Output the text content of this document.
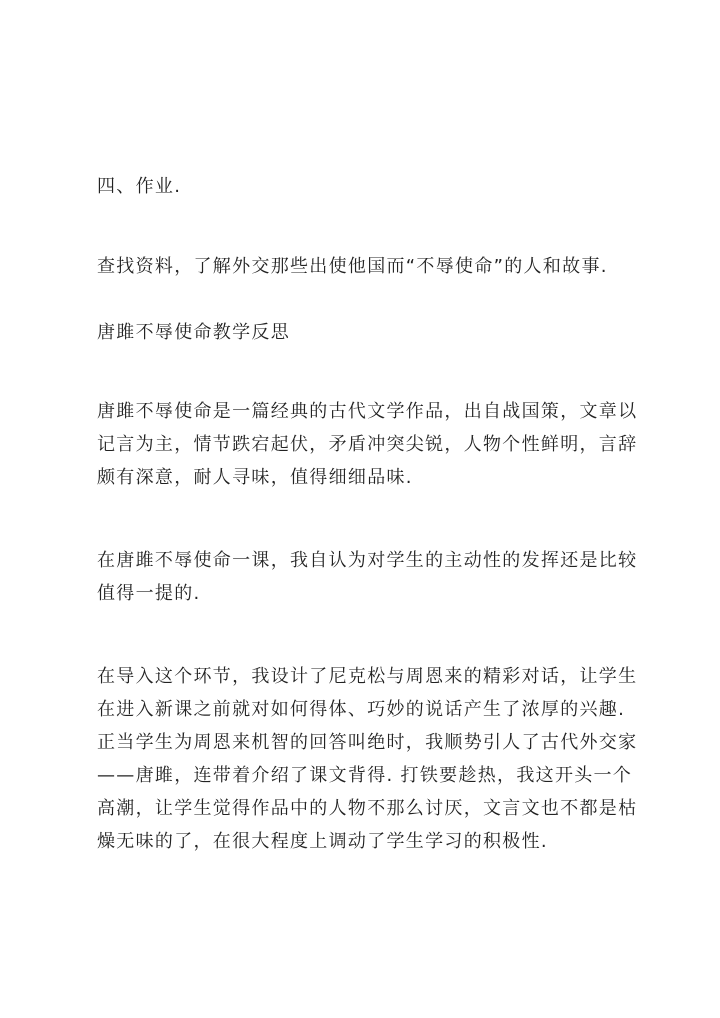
四、作业.
查找资料，了解外交那些出使他国而“不辱使命”的人和故事.
唐雎不辱使命教学反思
唐雎不辱使命是一篇经典的古代文学作品，出自战国策，文章以
记言为主，情节跌宕起伏，矛盾冲突尖锐，人物个性鲜明，言辞
颇有深意，耐人寻味，值得细细品味.
在唐雎不辱使命一课，我自认为对学生的主动性的发挥还是比较
值得一提的.
在导入这个环节，我设计了尼克松与周恩来的精彩对话，让学生
在进入新课之前就对如何得体、巧妙的说话产生了浓厚的兴趣.
正当学生为周恩来机智的回答叫绝时，我顺势引人了古代外交家
——唐雎，连带着介绍了课文背得. 打铁要趁热，我这开头一个
高潮，让学生觉得作品中的人物不那么讨厌，文言文也不都是枯
燥无味的了，在很大程度上调动了学生学习的积极性.
